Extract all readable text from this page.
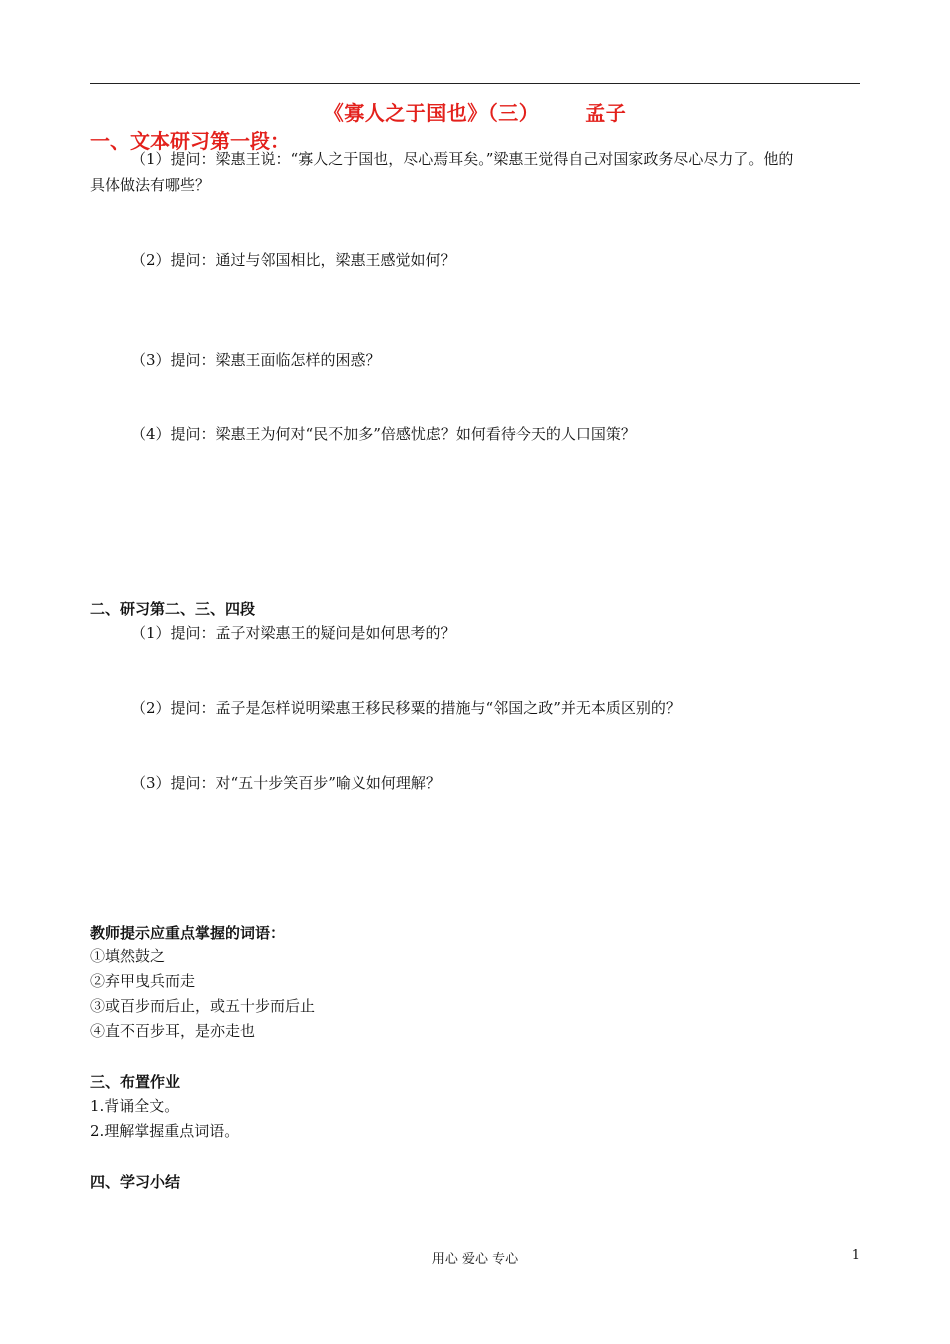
《寡人之于国也》（三） 孟子
一、文本研习第一段：
（1）提问：梁惠王说：“寡人之于国也，尽心焉耳矣。”梁惠王觉得自己对国家政务尽心尽力了。他的
具体做法有哪些？
（2）提问：通过与邻国相比，梁惠王感觉如何？
（3）提问：梁惠王面临怎样的困惑？
（4）提问：梁惠王为何对“民不加多”倍感忧虑？如何看待今天的人口国策？
二、研习第二、三、四段
（1）提问：孟子对梁惠王的疑问是如何思考的？
（2）提问：孟子是怎样说明梁惠王移民移粟的措施与“邻国之政”并无本质区别的？
（3）提问：对“五十步笑百步”喻义如何理解？
教师提示应重点掌握的词语：
①填然鼓之
②弃甲曳兵而走
③或百步而后止，或五十步而后止
④直不百步耳，是亦走也
三、布置作业
1.背诵全文。
2.理解掌握重点词语。
四、学习小结
用心 爱心 专心	1
